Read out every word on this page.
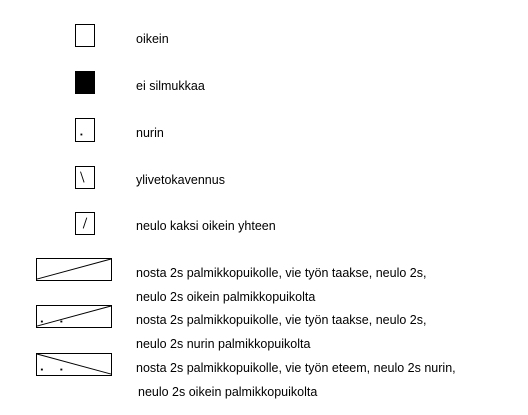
oikein
ei silmukkaa
nurin
ylivetokavennus
neulo kaksi oikein yhteen
nosta 2s palmikkopuikolle, vie työn taakse, neulo 2s,
neulo 2s oikein palmikkopuikolta
nosta 2s palmikkopuikolle, vie työn taakse, neulo 2s,
neulo 2s nurin palmikkopuikolta
nosta 2s palmikkopuikolle, vie työn eteem, neulo 2s nurin,
neulo 2s oikein palmikkopuikolta
